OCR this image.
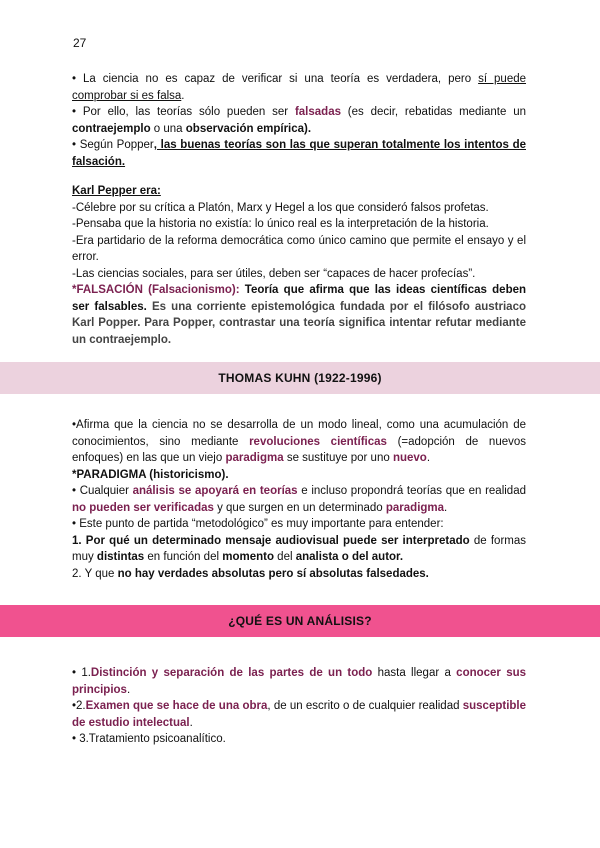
27

• La ciencia no es capaz de verificar si una teoría es verdadera, pero sí puede comprobar si es falsa.

• Por ello, las teorías sólo pueden ser falsadas (es decir, rebatidas mediante un contraejemplo o una observación empírica).

• Según Popper, las buenas teorías son las que superan totalmente los intentos de falsación.

Karl Pepper era:

-Célebre por su crítica a Platón, Marx y Hegel a los que consideró falsos profetas.

-Pensaba que la historia no existía: lo único real es la interpretación de la historia.

-Era partidario de la reforma democrática como único camino que permite el ensayo y el error.

-Las ciencias sociales, para ser útiles, deben ser “capaces de hacer profecías”.

*FALSACIÓN (Falsacionismo): Teoría que afirma que las ideas científicas deben ser falsables. Es una corriente epistemológica fundada por el filósofo austriaco Karl Popper. Para Popper, contrastar una teoría significa intentar refutar mediante un contraejemplo.

THOMAS KUHN (1922-1996)

•Afirma que la ciencia no se desarrolla de un modo lineal, como una acumulación de conocimientos, sino mediante revoluciones científicas (=adopción de nuevos enfoques) en las que un viejo paradigma se sustituye por uno nuevo.

*PARADIGMA (historicismo).

• Cualquier análisis se apoyará en teorías e incluso propondrá teorías que en realidad no pueden ser verificadas y que surgen en un determinado paradigma.

• Este punto de partida “metodológico” es muy importante para entender:

1. Por qué un determinado mensaje audiovisual puede ser interpretado de formas muy distintas en función del momento del analista o del autor.

2. Y que no hay verdades absolutas pero sí absolutas falsedades.

¿QUÉ ES UN ANÁLISIS?

• 1.Distinción y separación de las partes de un todo hasta llegar a conocer sus principios.

•2.Examen que se hace de una obra, de un escrito o de cualquier realidad susceptible de estudio intelectual.

• 3.Tratamiento psicoanalítico.
